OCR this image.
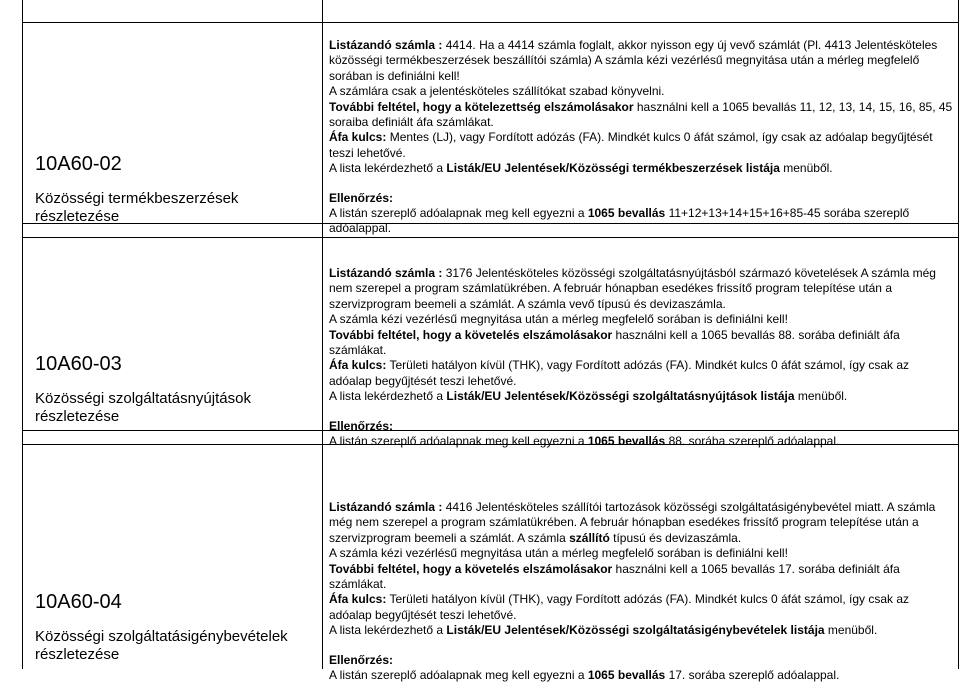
10A60-02
Közösségi termékbeszerzések részletezése

Listázandó számla : 4414. Ha a 4414 számla foglalt, akkor nyisson egy új vevő számlát (Pl. 4413 Jelentésköteles közösségi termékbeszerzések beszállítói számla) A számla kézi vezérlésű megnyitása után a mérleg megfelelő sorában is definiálni kell!

A számlára csak a jelentésköteles szállítókat szabad könyvelni.

További feltétel, hogy a kötelezettség elszámolásakor használni kell a 1065 bevallás 11, 12, 13, 14, 15, 16, 85, 45 soraiba definiált áfa számlákat.

Áfa kulcs: Mentes (LJ), vagy Fordított adózás (FA). Mindkét kulcs 0 áfát számol, így csak az adóalap begyűjtését teszi lehetővé.

A lista lekérdezhető a Listák/EU Jelentések/Közösségi termékbeszerzések listája menüből.

Ellenőrzés:

A listán szereplő adóalapnak meg kell egyezni a 1065 bevallás 11+12+13+14+15+16+85-45 sorába szereplő adóalappal.

10A60-03
Közösségi szolgáltatásnyújtások részletezése

Listázandó számla : 3176 Jelentésköteles közösségi szolgáltatásnyújtásból származó követelések A számla még nem szerepel a program számlatükrében. A február hónapban esedékes frissítő program telepítése után a szervizprogram beemeli a számlát. A számla vevő típusú és devizaszámla.

A számla kézi vezérlésű megnyitása után a mérleg megfelelő sorában is definiálni kell!

További feltétel, hogy a követelés elszámolásakor használni kell a 1065 bevallás 88. sorába definiált áfa számlákat.

Áfa kulcs: Területi hatályon kívül (THK), vagy Fordított adózás (FA). Mindkét kulcs 0 áfát számol, így csak az adóalap begyűjtését teszi lehetővé.

A lista lekérdezhető a Listák/EU Jelentések/Közösségi szolgáltatásnyújtások listája menüből.

Ellenőrzés:

A listán szereplő adóalapnak meg kell egyezni a 1065 bevallás 88. sorába szereplő adóalappal.

10A60-04
Közösségi szolgáltatásigénybevételek részletezése

Listázandó számla : 4416 Jelentésköteles szállítói tartozások közösségi szolgáltatásigénybevétel miatt. A számla még nem szerepel a program számlatükrében. A február hónapban esedékes frissítő program telepítése után a szervizprogram beemeli a számlát. A számla szállító típusú és devizaszámla.

A számla kézi vezérlésű megnyitása után a mérleg megfelelő sorában is definiálni kell!

További feltétel, hogy a követelés elszámolásakor használni kell a 1065 bevallás 17. sorába definiált áfa számlákat.

Áfa kulcs: Területi hatályon kívül (THK), vagy Fordított adózás (FA). Mindkét kulcs 0 áfát számol, így csak az adóalap begyűjtését teszi lehetővé.

A lista lekérdezhető a Listák/EU Jelentések/Közösségi szolgáltatásigénybevételek listája menüből.

Ellenőrzés:

A listán szereplő adóalapnak meg kell egyezni a 1065 bevallás 17. sorába szereplő adóalappal.
